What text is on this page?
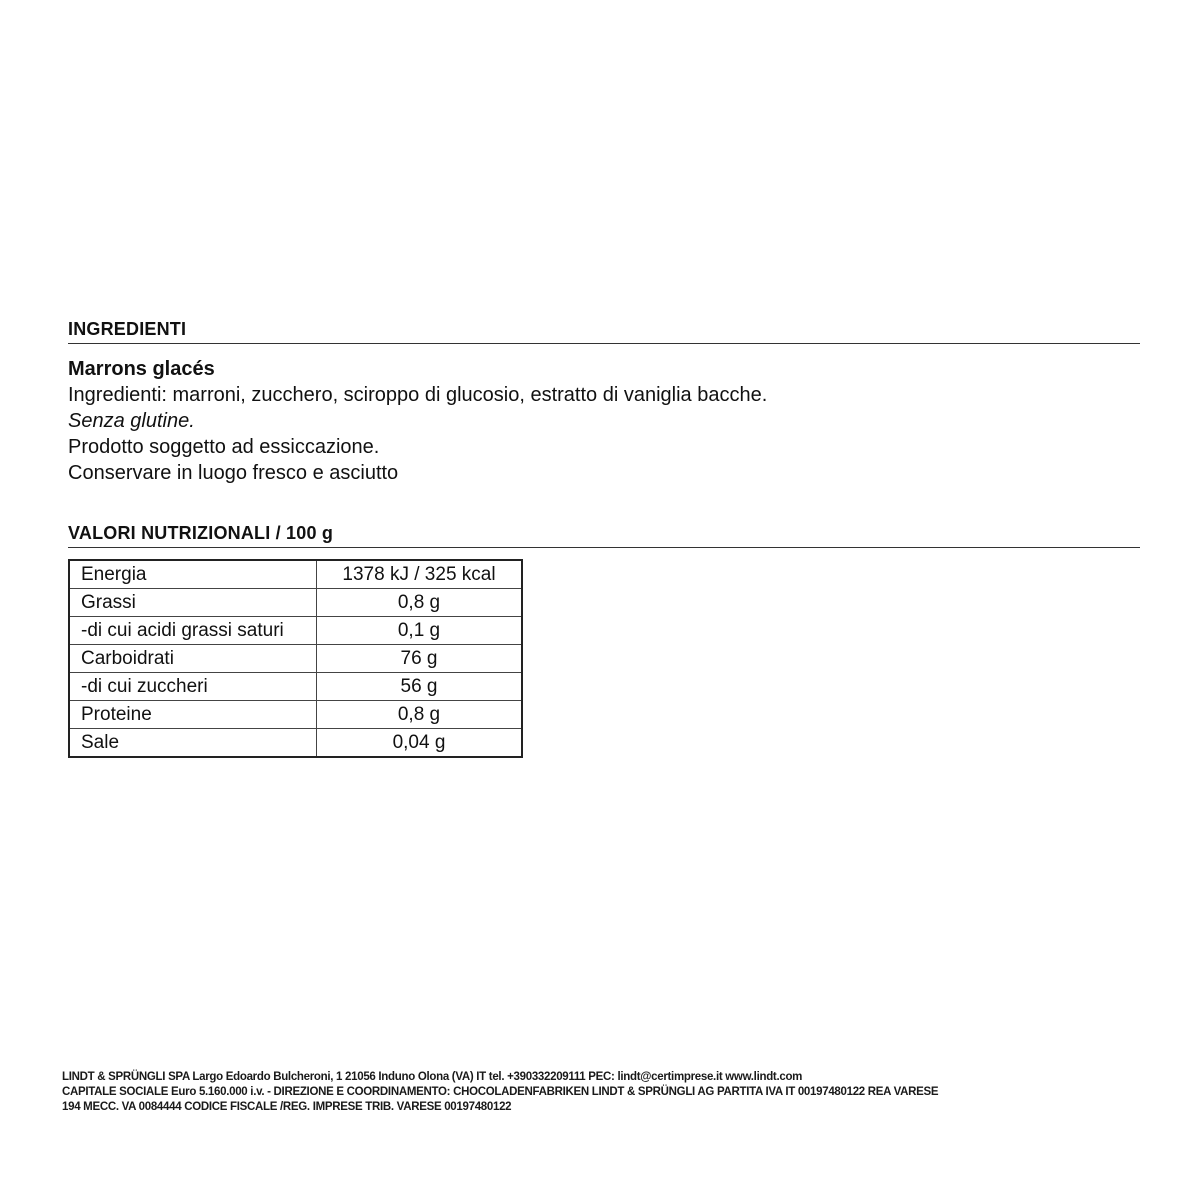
INGREDIENTI
Marrons glacés
Ingredienti: marroni, zucchero, sciroppo di glucosio, estratto di vaniglia bacche.
Senza glutine.
Prodotto soggetto ad essiccazione.
Conservare in luogo fresco e asciutto
VALORI NUTRIZIONALI / 100 g
Energia	1378 kJ / 325 kcal
Grassi	0,8 g
-di cui acidi grassi saturi	0,1 g
Carboidrati	76 g
-di cui zuccheri	56 g
Proteine	0,8 g
Sale	0,04 g
LINDT & SPRÜNGLI SPA Largo Edoardo Bulcheroni, 1 21056 Induno Olona (VA) IT tel. +390332209111 PEC: lindt@certimprese.it www.lindt.com
CAPITALE SOCIALE Euro 5.160.000 i.v. - DIREZIONE E COORDINAMENTO: CHOCOLADENFABRIKEN LINDT & SPRÜNGLI AG PARTITA IVA IT 00197480122 REA VARESE
194 MECC. VA 0084444 CODICE FISCALE /REG. IMPRESE TRIB. VARESE 00197480122
